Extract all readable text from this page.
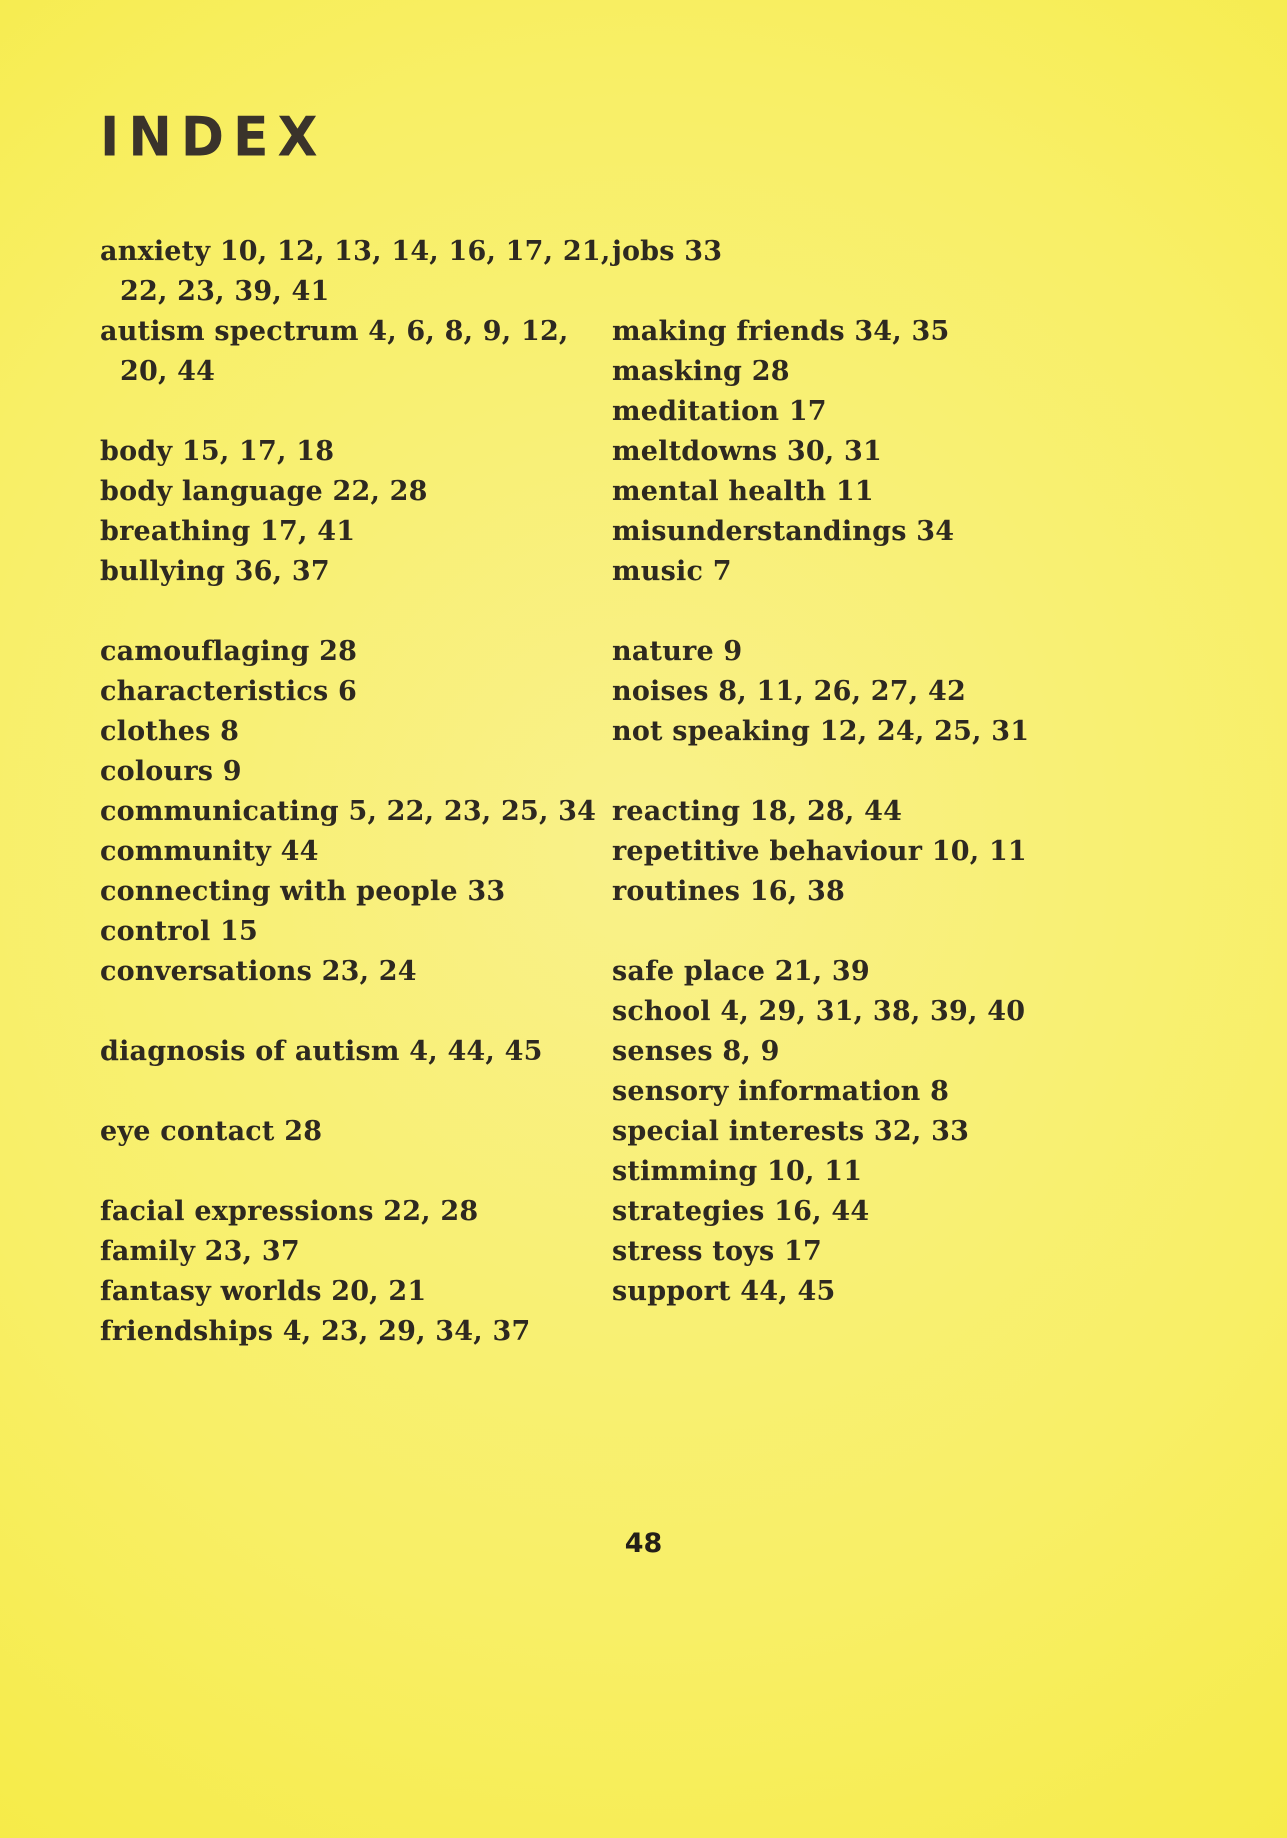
INDEX
anxiety 10, 12, 13, 14, 16, 17, 21, 22, 23, 39, 41
autism spectrum 4, 6, 8, 9, 12, 20, 44
body 15, 17, 18
body language 22, 28
breathing 17, 41
bullying 36, 37
camouflaging 28
characteristics 6
clothes 8
colours 9
communicating 5, 22, 23, 25, 34
community 44
connecting with people 33
control 15
conversations 23, 24
diagnosis of autism 4, 44, 45
eye contact 28
facial expressions 22, 28
family 23, 37
fantasy worlds 20, 21
friendships 4, 23, 29, 34, 37
jobs 33
making friends 34, 35
masking 28
meditation 17
meltdowns 30, 31
mental health 11
misunderstandings 34
music 7
nature 9
noises 8, 11, 26, 27, 42
not speaking 12, 24, 25, 31
reacting 18, 28, 44
repetitive behaviour 10, 11
routines 16, 38
safe place 21, 39
school 4, 29, 31, 38, 39, 40
senses 8, 9
sensory information 8
special interests 32, 33
stimming 10, 11
strategies 16, 44
stress toys 17
support 44, 45
48
